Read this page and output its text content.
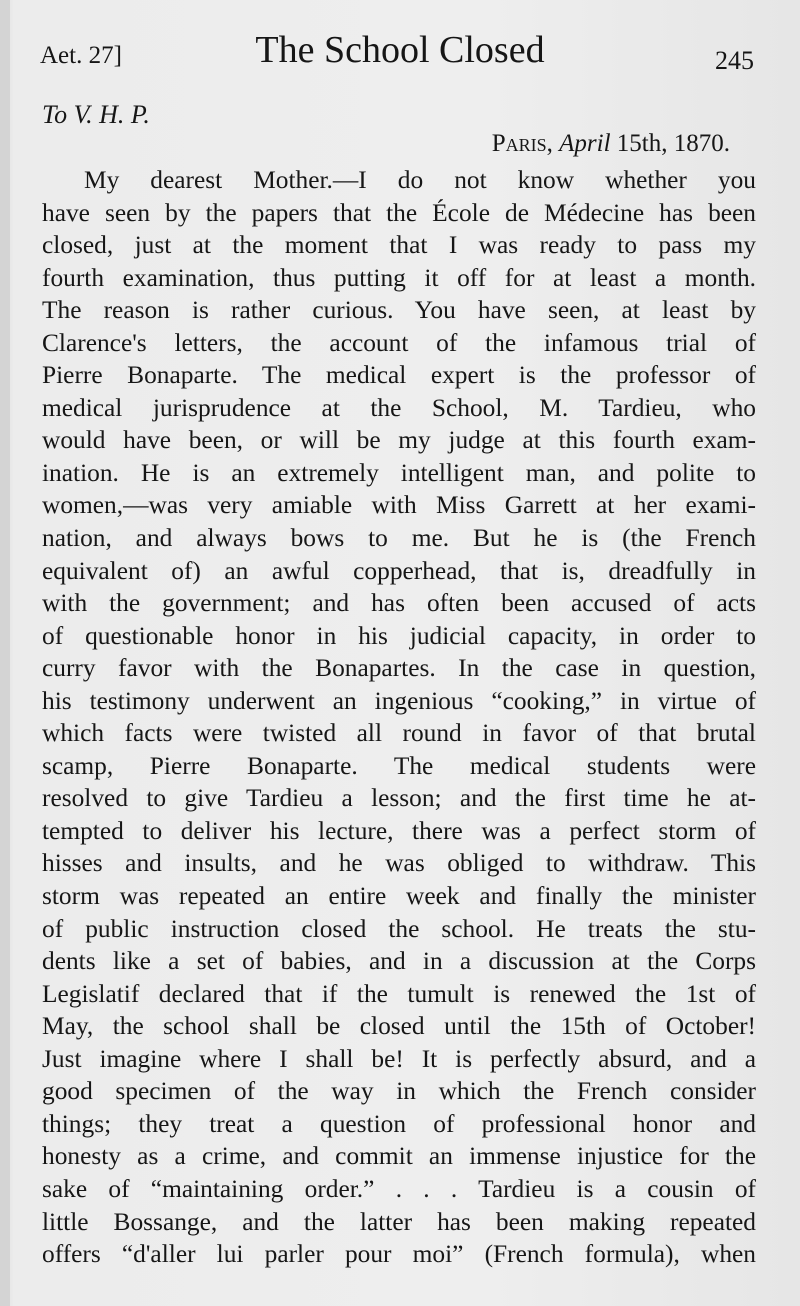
Aet. 27]	The School Closed	245
To V. H. P.
Paris, April 15th, 1870.
My dearest Mother.—I do not know whether you
have seen by the papers that the École de Médecine has been
closed, just at the moment that I was ready to pass my
fourth examination, thus putting it off for at least a month.
The reason is rather curious. You have seen, at least by
Clarence's letters, the account of the infamous trial of
Pierre Bonaparte. The medical expert is the professor of
medical jurisprudence at the School, M. Tardieu, who
would have been, or will be my judge at this fourth exam-
ination. He is an extremely intelligent man, and polite to
women,—was very amiable with Miss Garrett at her exami-
nation, and always bows to me. But he is (the French
equivalent of) an awful copperhead, that is, dreadfully in
with the government; and has often been accused of acts
of questionable honor in his judicial capacity, in order to
curry favor with the Bonapartes. In the case in question,
his testimony underwent an ingenious “cooking,” in virtue of
which facts were twisted all round in favor of that brutal
scamp, Pierre Bonaparte. The medical students were
resolved to give Tardieu a lesson; and the first time he at-
tempted to deliver his lecture, there was a perfect storm of
hisses and insults, and he was obliged to withdraw. This
storm was repeated an entire week and finally the minister
of public instruction closed the school. He treats the stu-
dents like a set of babies, and in a discussion at the Corps
Legislatif declared that if the tumult is renewed the 1st of
May, the school shall be closed until the 15th of October!
Just imagine where I shall be! It is perfectly absurd, and a
good specimen of the way in which the French consider
things; they treat a question of professional honor and
honesty as a crime, and commit an immense injustice for the
sake of “maintaining order.” . . . Tardieu is a cousin of
little Bossange, and the latter has been making repeated
offers “d'aller lui parler pour moi” (French formula), when
